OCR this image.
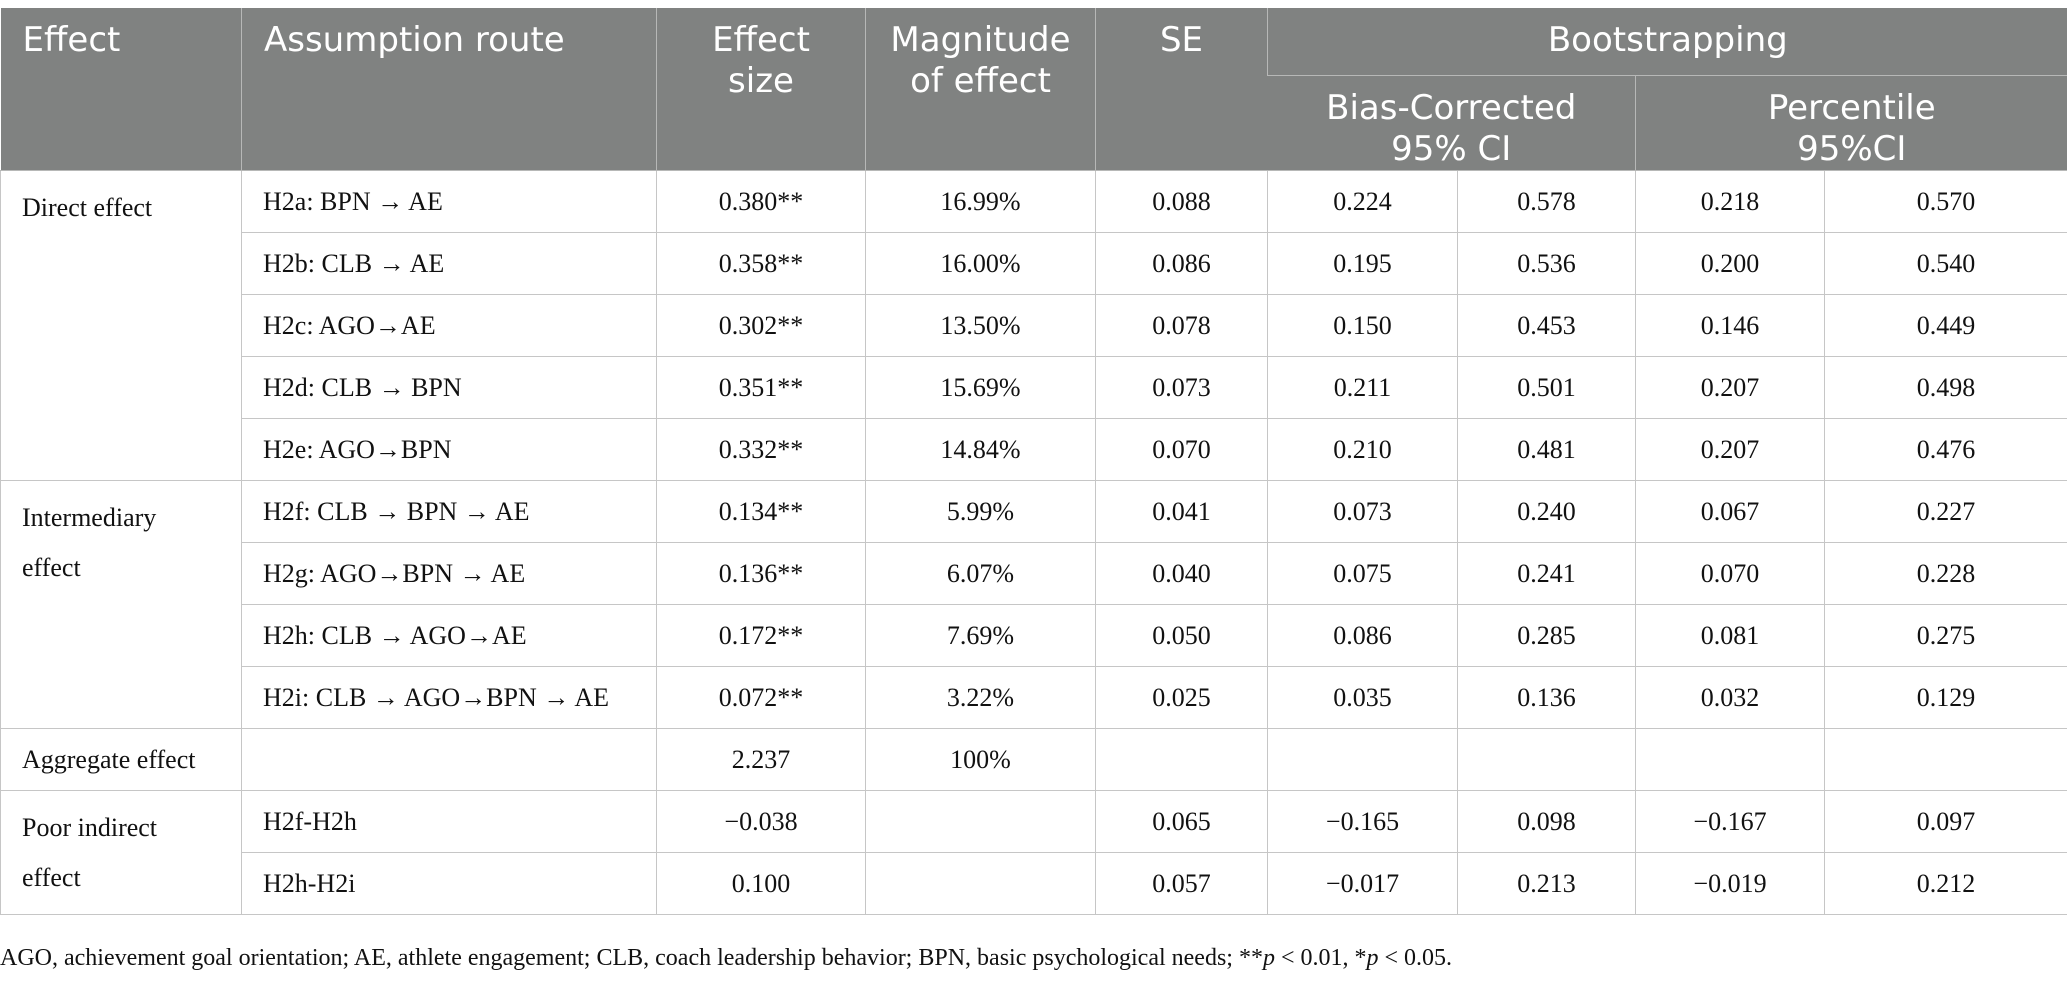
Effect	Assumption route	Effect size	Magnitude of effect	SE	Bootstrapping			
					Bias-Corrected 95% CI		Percentile 95%CI	
Direct effect	H2a: BPN → AE	0.380**	16.99%	0.088	0.224	0.578	0.218	0.570
	H2b: CLB → AE	0.358**	16.00%	0.086	0.195	0.536	0.200	0.540
	H2c: AGO→AE	0.302**	13.50%	0.078	0.150	0.453	0.146	0.449
	H2d: CLB → BPN	0.351**	15.69%	0.073	0.211	0.501	0.207	0.498
	H2e: AGO→BPN	0.332**	14.84%	0.070	0.210	0.481	0.207	0.476
Intermediary effect	H2f: CLB → BPN → AE	0.134**	5.99%	0.041	0.073	0.240	0.067	0.227
	H2g: AGO→BPN → AE	0.136**	6.07%	0.040	0.075	0.241	0.070	0.228
	H2h: CLB → AGO→AE	0.172**	7.69%	0.050	0.086	0.285	0.081	0.275
	H2i: CLB → AGO→BPN → AE	0.072**	3.22%	0.025	0.035	0.136	0.032	0.129
Aggregate effect		2.237	100%					
Poor indirect effect	H2f-H2h	−0.038		0.065	−0.165	0.098	−0.167	0.097
	H2h-H2i	0.100		0.057	−0.017	0.213	−0.019	0.212
AGO, achievement goal orientation; AE, athlete engagement; CLB, coach leadership behavior; BPN, basic psychological needs; **p < 0.01, *p < 0.05.
